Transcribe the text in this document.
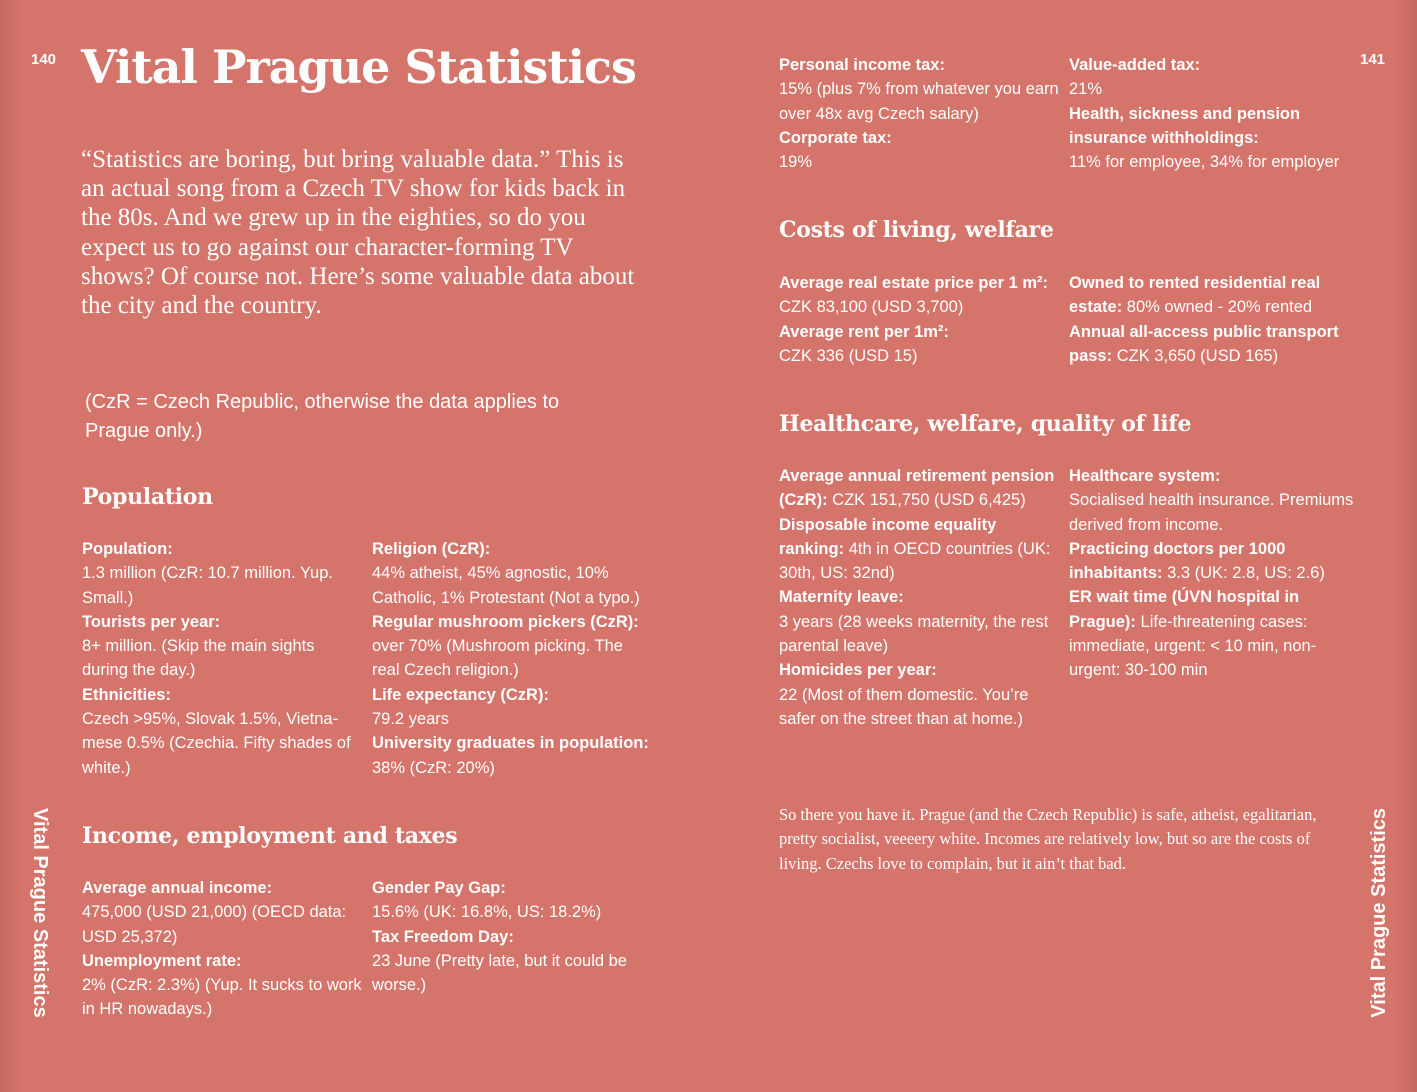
140	141
Vital Prague Statistics	Vital Prague Statistics
Vital Prague Statistics

“Statistics are boring, but bring valuable data.” This is an actual song from a Czech TV show for kids back in the 80s. And we grew up in the eighties, so do you expect us to go against our character-forming TV shows? Of course not. Here’s some valuable data about the city and the country.

(CzR = Czech Republic, otherwise the data applies to Prague only.)

Population
Population:
1.3 million (CzR: 10.7 million. Yup. Small.)
Tourists per year:
8+ million. (Skip the main sights during the day.)
Ethnicities:
Czech >95%, Slovak 1.5%, Vietnamese 0.5% (Czechia. Fifty shades of white.)
Religion (CzR):
44% atheist, 45% agnostic, 10% Catholic, 1% Protestant (Not a typo.)
Regular mushroom pickers (CzR):
over 70% (Mushroom picking. The real Czech religion.)
Life expectancy (CzR):
79.2 years
University graduates in population:
38% (CzR: 20%)
Income, employment and taxes
Average annual income:
475,000 (USD 21,000) (OECD data: USD 25,372)
Unemployment rate:
2% (CzR: 2.3%) (Yup. It sucks to work in HR nowadays.)
Gender Pay Gap:
15.6% (UK: 16.8%, US: 18.2%)
Tax Freedom Day:
23 June (Pretty late, but it could be worse.)
Personal income tax:
15% (plus 7% from whatever you earn over 48x avg Czech salary)
Corporate tax:
19%
Value-added tax:
21%
Health, sickness and pension insurance withholdings:
11% for employee, 34% for employer
Costs of living, welfare
Average real estate price per 1 m²:
CZK 83,100 (USD 3,700)
Average rent per 1m²:
CZK 336 (USD 15)
Owned to rented residential real estate: 80% owned - 20% rented
Annual all-access public transport pass: CZK 3,650 (USD 165)
Healthcare, welfare, quality of life
Average annual retirement pension (CzR): CZK 151,750 (USD 6,425)
Disposable income equality ranking: 4th in OECD countries (UK: 30th, US: 32nd)
Maternity leave:
3 years (28 weeks maternity, the rest parental leave)
Homicides per year:
22 (Most of them domestic. You’re safer on the street than at home.)
Healthcare system:
Socialised health insurance. Premiums derived from income.
Practicing doctors per 1000 inhabitants: 3.3 (UK: 2.8, US: 2.6)
ER wait time (ÚVN hospital in Prague): Life-threatening cases: immediate, urgent: < 10 min, non-urgent: 30-100 min

So there you have it. Prague (and the Czech Republic) is safe, atheist, egalitarian, pretty socialist, veeeery white. Incomes are relatively low, but so are the costs of living. Czechs love to complain, but it ain’t that bad.
